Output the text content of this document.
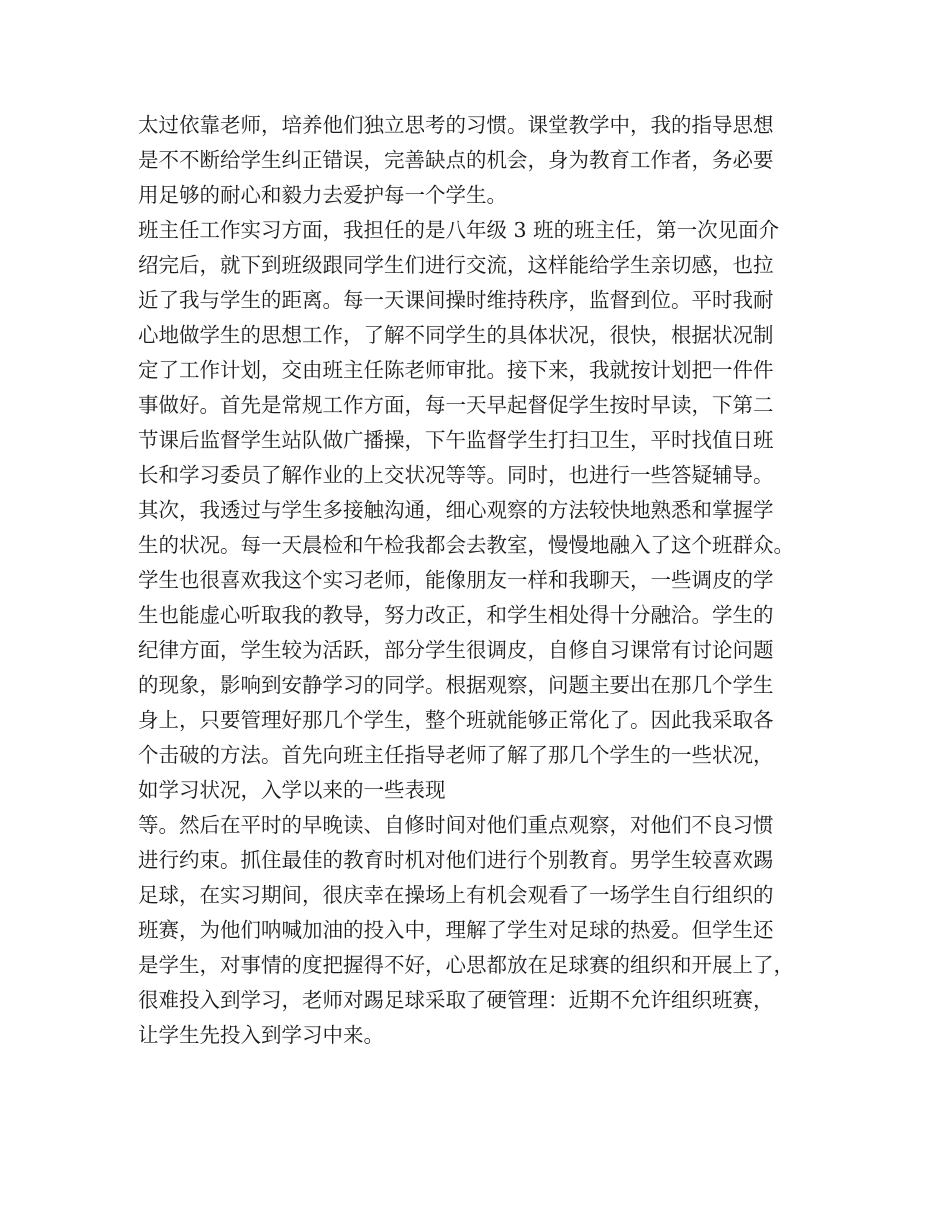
太过依靠老师，培养他们独立思考的习惯。课堂教学中，我的指导思想
是不不断给学生纠正错误，完善缺点的机会，身为教育工作者，务必要
用足够的耐心和毅力去爱护每一个学生。
班主任工作实习方面，我担任的是八年级 3 班的班主任，第一次见面介
绍完后，就下到班级跟同学生们进行交流，这样能给学生亲切感，也拉
近了我与学生的距离。每一天课间操时维持秩序，监督到位。平时我耐
心地做学生的思想工作，了解不同学生的具体状况，很快，根据状况制
定了工作计划，交由班主任陈老师审批。接下来，我就按计划把一件件
事做好。首先是常规工作方面，每一天早起督促学生按时早读，下第二
节课后监督学生站队做广播操，下午监督学生打扫卫生，平时找值日班
长和学习委员了解作业的上交状况等等。同时，也进行一些答疑辅导。
其次，我透过与学生多接触沟通，细心观察的方法较快地熟悉和掌握学
生的状况。每一天晨检和午检我都会去教室，慢慢地融入了这个班群众。
学生也很喜欢我这个实习老师，能像朋友一样和我聊天，一些调皮的学
生也能虚心听取我的教导，努力改正，和学生相处得十分融洽。学生的
纪律方面，学生较为活跃，部分学生很调皮，自修自习课常有讨论问题
的现象，影响到安静学习的同学。根据观察，问题主要出在那几个学生
身上，只要管理好那几个学生，整个班就能够正常化了。因此我采取各
个击破的方法。首先向班主任指导老师了解了那几个学生的一些状况，
如学习状况，入学以来的一些表现
等。然后在平时的早晚读、自修时间对他们重点观察，对他们不良习惯
进行约束。抓住最佳的教育时机对他们进行个别教育。男学生较喜欢踢
足球，在实习期间，很庆幸在操场上有机会观看了一场学生自行组织的
班赛，为他们呐喊加油的投入中，理解了学生对足球的热爱。但学生还
是学生，对事情的度把握得不好，心思都放在足球赛的组织和开展上了，
很难投入到学习，老师对踢足球采取了硬管理：近期不允许组织班赛，
让学生先投入到学习中来。
